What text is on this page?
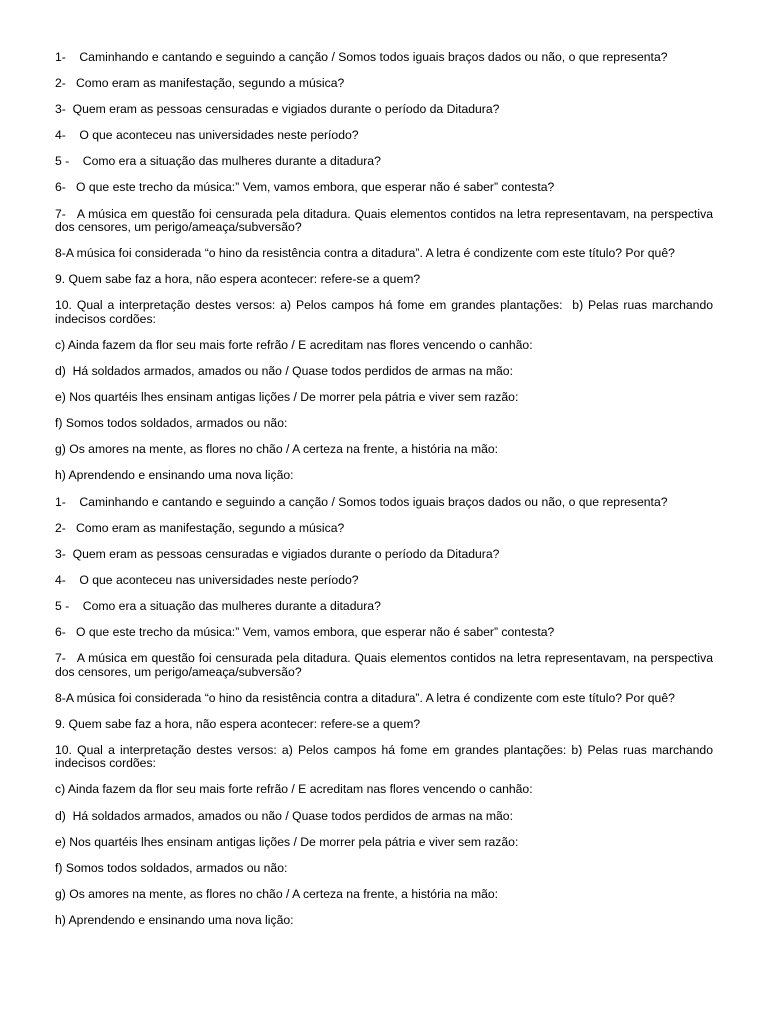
1-    Caminhando e cantando e seguindo a canção / Somos todos iguais braços dados ou não, o que representa?

2-   Como eram as manifestação, segundo a música?

3-  Quem eram as pessoas censuradas e vigiados durante o período da Ditadura?

4-    O que aconteceu nas universidades neste período?

5 -    Como era a situação das mulheres durante a ditadura?

6-   O que este trecho da música:” Vem, vamos embora, que esperar não é saber” contesta?

7-   A música em questão foi censurada pela ditadura. Quais elementos contidos na letra representavam, na perspectiva dos censores, um perigo/ameaça/subversão?

8-A música foi considerada “o hino da resistência contra a ditadura”. A letra é condizente com este título? Por quê?

9. Quem sabe faz a hora, não espera acontecer: refere-se a quem?

10. Qual a interpretação destes versos: a) Pelos campos há fome em grandes plantações:  b) Pelas ruas marchando indecisos cordões:

c) Ainda fazem da flor seu mais forte refrão / E acreditam nas flores vencendo o canhão:

d)  Há soldados armados, amados ou não / Quase todos perdidos de armas na mão:

e) Nos quartéis lhes ensinam antigas lições / De morrer pela pátria e viver sem razão:

f) Somos todos soldados, armados ou não:

g) Os amores na mente, as flores no chão / A certeza na frente, a história na mão:

h) Aprendendo e ensinando uma nova lição:

1-    Caminhando e cantando e seguindo a canção / Somos todos iguais braços dados ou não, o que representa?

2-   Como eram as manifestação, segundo a música?

3-  Quem eram as pessoas censuradas e vigiados durante o período da Ditadura?

4-    O que aconteceu nas universidades neste período?

5 -    Como era a situação das mulheres durante a ditadura?

6-   O que este trecho da música:” Vem, vamos embora, que esperar não é saber” contesta?

7-   A música em questão foi censurada pela ditadura. Quais elementos contidos na letra representavam, na perspectiva dos censores, um perigo/ameaça/subversão?

8-A música foi considerada “o hino da resistência contra a ditadura”. A letra é condizente com este título? Por quê?

9. Quem sabe faz a hora, não espera acontecer: refere-se a quem?

10. Qual a interpretação destes versos: a) Pelos campos há fome em grandes plantações: b) Pelas ruas marchando indecisos cordões:

c) Ainda fazem da flor seu mais forte refrão / E acreditam nas flores vencendo o canhão:

d)  Há soldados armados, amados ou não / Quase todos perdidos de armas na mão:

e) Nos quartéis lhes ensinam antigas lições / De morrer pela pátria e viver sem razão:

f) Somos todos soldados, armados ou não:

g) Os amores na mente, as flores no chão / A certeza na frente, a história na mão:

h) Aprendendo e ensinando uma nova lição:
